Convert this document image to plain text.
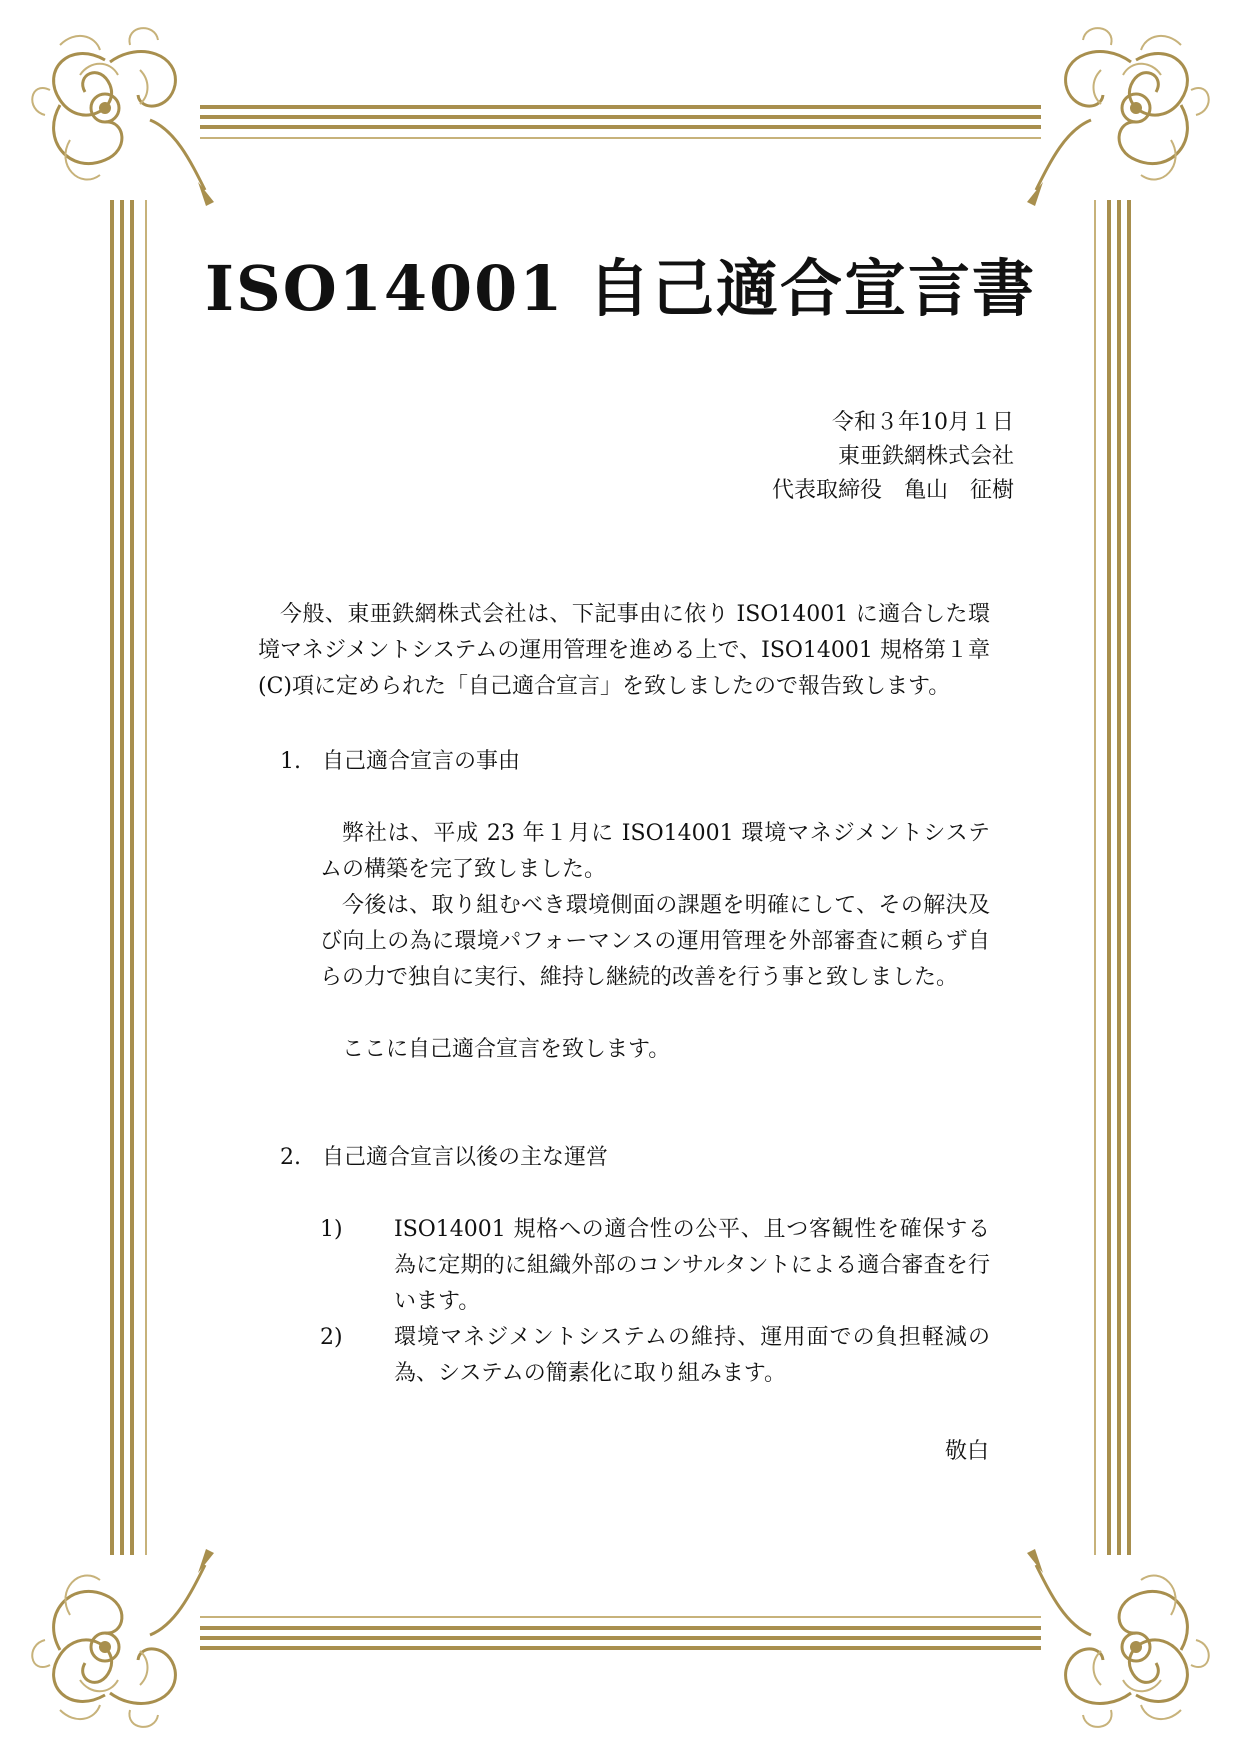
ISO14001 自己適合宣言書

令和３年10月１日

東亜鉄網株式会社

代表取締役　亀山　征樹

今般、東亜鉄網株式会社は、下記事由に依り ISO14001 に適合した環境マネジメントシステムの運用管理を進める上で、ISO14001 規格第１章(C)項に定められた「自己適合宣言」を致しましたので報告致します。

1. 自己適合宣言の事由

弊社は、平成 23 年１月に ISO14001 環境マネジメントシステムの構築を完了致しました。

今後は、取り組むべき環境側面の課題を明確にして、その解決及び向上の為に環境パフォーマンスの運用管理を外部審査に頼らず自らの力で独自に実行、維持し継続的改善を行う事と致しました。

ここに自己適合宣言を致します。

2. 自己適合宣言以後の主な運営
1)	ISO14001 規格への適合性の公平、且つ客観性を確保する為に定期的に組織外部のコンサルタントによる適合審査を行います。
2)	環境マネジメントシステムの維持、運用面での負担軽減の為、システムの簡素化に取り組みます。

敬白
